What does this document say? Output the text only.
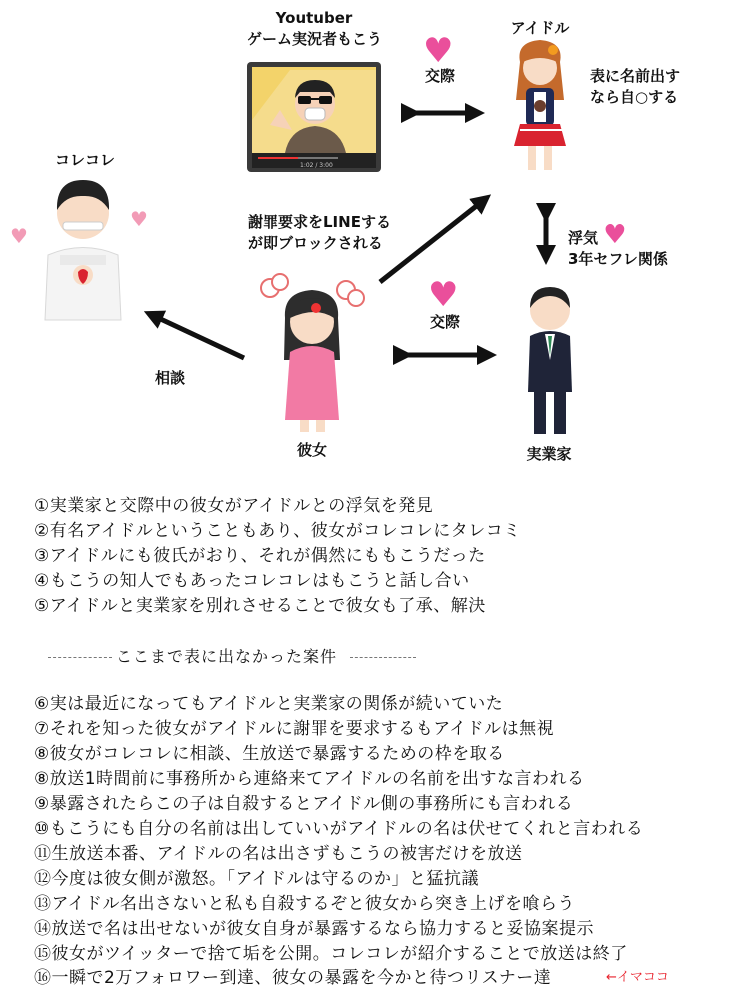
1:02 / 3:00
♥
♥
Youtuber
ゲーム実況者もこう
アイドル
表に名前出す
なら自○する
♥
交際
コレコレ
謝罪要求をLINEする
が即ブロックされる	浮気 ♥
3年セフレ関係
♥
交際
相談
彼女	実業家
①実業家と交際中の彼女がアイドルとの浮気を発見
②有名アイドルということもあり、彼女がコレコレにタレコミ
③アイドルにも彼氏がおり、それが偶然にももこうだった
④もこうの知人でもあったコレコレはもこうと話し合い
⑤アイドルと実業家を別れさせることで彼女も了承、解決
ここまで表に出なかった案件
⑥実は最近になってもアイドルと実業家の関係が続いていた
⑦それを知った彼女がアイドルに謝罪を要求するもアイドルは無視
⑧彼女がコレコレに相談、生放送で暴露するための枠を取る
⑧放送1時間前に事務所から連絡来てアイドルの名前を出すな言われる
⑨暴露されたらこの子は自殺するとアイドル側の事務所にも言われる
⑩もこうにも自分の名前は出していいがアイドルの名は伏せてくれと言われる
⑪生放送本番、アイドルの名は出さずもこうの被害だけを放送
⑫今度は彼女側が激怒。「アイドルは守るのか」と猛抗議
⑬アイドル名出さないと私も自殺するぞと彼女から突き上げを喰らう
⑭放送で名は出せないが彼女自身が暴露するなら協力すると妥協案提示
⑮彼女がツイッターで捨て垢を公開。コレコレが紹介することで放送は終了
⑯一瞬で2万フォロワー到達、彼女の暴露を今かと待つリスナー達	←イマココ
